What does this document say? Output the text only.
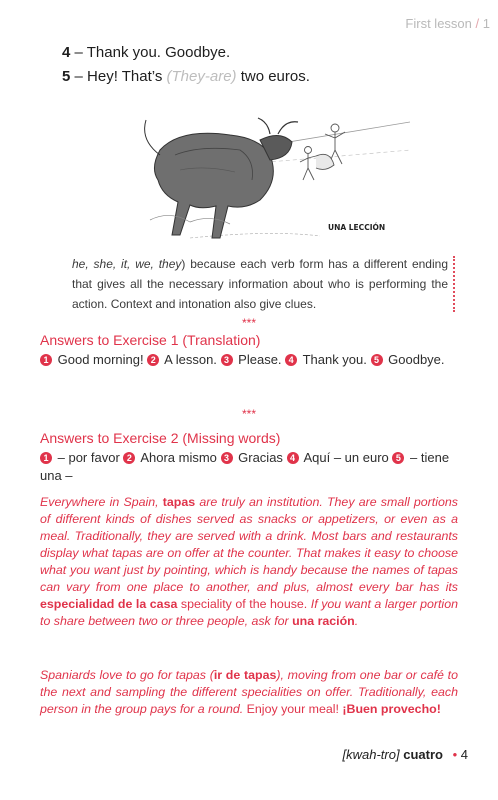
First lesson / 1
4 – Thank you. Goodbye.
5 – Hey! That’s (They-are) two euros.
UNA LECCIÓN
he, she, it, we, they) because each verb form has a different ending that gives all the necessary information about who is performing the action. Context and intonation also give clues.
***
Answers to Exercise 1 (Translation)
1 Good morning! 2 A lesson. 3 Please. 4 Thank you. 5 Goodbye.
***
Answers to Exercise 2 (Missing words)
1 – por favor 2 Ahora mismo 3 Gracias 4 Aquí – un euro 5 – tiene una –
Everywhere in Spain, tapas are truly an institution. They are small portions of different kinds of dishes served as snacks or appetizers, or even as a meal. Traditionally, they are served with a drink. Most bars and restaurants display what tapas are on offer at the counter. That makes it easy to choose what you want just by pointing, which is handy because the names of tapas can vary from one place to another, and plus, almost every bar has its especialidad de la casa speciality of the house. If you want a larger portion to share between two or three people, ask for una ración.
Spaniards love to go for tapas (ir de tapas), moving from one bar or café to the next and sampling the different specialities on offer. Traditionally, each person in the group pays for a round. Enjoy your meal! ¡Buen provecho!
[kwah-tro] cuatro • 4
